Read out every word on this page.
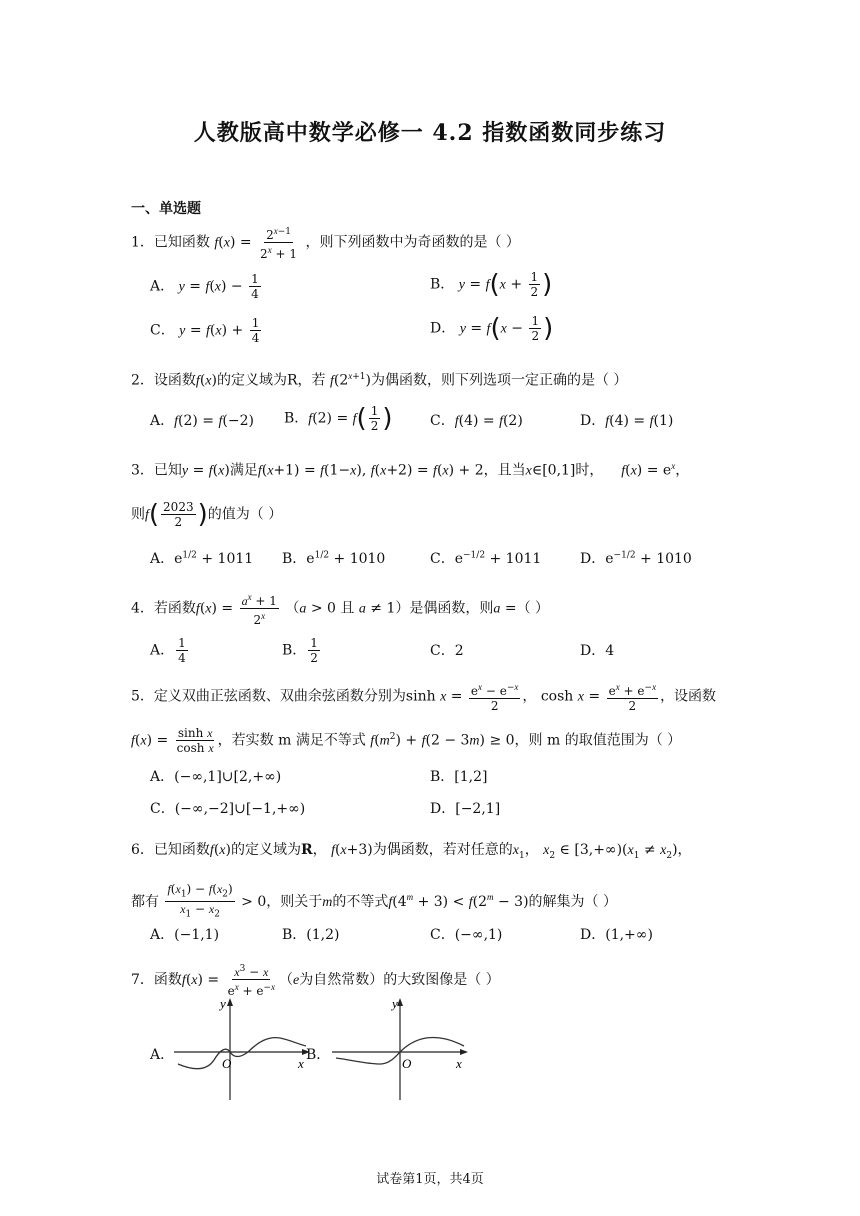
人教版高中数学必修一 4.2 指数函数同步练习
一、单选题
1．已知函数 $f(x) = \frac{2^{x-1}}{2^x + 1}$ ，则下列函数中为奇函数的是（ ）
A． $y = f(x) - \frac{1}{4}$	B． $y = f(x + \frac{1}{2}$ )
C． $y = f(x) + \frac{1}{4}$	D． $y = f(x - \frac{1}{2}$ )
2．设函数f(x)的定义域为R，若 $f(2^{x+1})$为偶函数，则下列选项一定正确的是（ ）
A．f(2) = f(−2) B．$f(2) = f( \frac{1}{2}$ )	C．f(4) = f(2)	D．f(4) = f(1)
3．已知y = f(x)满足f(x+1) = f(1−x), f(x+2) = f(x) + 2，且当x∈[0,1]时， $f(x) = e^x$，
则$f( \frac{2023}{2}$ )的值为（ ）
A．$e^{1/2} + 1011$ B．$e^{1/2} + 1010$	C．$e^{-1/2} + 1011$	D．$e^{-1/2} + 1010$
4．若函数$f(x) = \frac{a^x + 1}{2^x} (a > 0$ 且 a ≠ 1）是偶函数，则a =（ ）
A． $\frac{1}{4}$	B． $\frac{1}{2}$	C．2	D．4
5．定义双曲正弦函数、双曲余弦函数分别为$\sinh x = \frac{e^x - e^{-x}}{2}$ ， $\cosh x = \frac{e^x + e^{-x}}{2}$ ，设函数
$f(x) = \frac{\text{sinh x}}{\text{cosh x}}$ ，若实数 m 满足不等式 $f(m^2) + f(2 - 3m) \ge 0$，则 m 的取值范围为（ ）
A．(−∞,1]∪[2,+∞)	B．[1,2]
C．(−∞,−2]∪[−1,+∞)	D．[−2,1]
6．已知函数f(x)的定义域为R， f(x+3)为偶函数，若对任意的$x_1$， $x_2$ ∈ $[3,+\infty)(x_1 \ne x_2)$，
都有 $\frac{f(x_1) - f(x_2)}{x_1 - x_2} > 0$，则关于m的不等式$f(4^m + 3) < f(2^m - 3)$的解集为（ ）
A．(−1,1)	B．(1,2)	C．(−∞,1)	D．(1,+∞)
7．函数$f(x) = \frac{x^3 - x}{e^x + e^{-x}} (e$为自然常数）的大致图像是（ ）
A．
y
O	x
B．
y
O	x
试卷第1页，共4页
